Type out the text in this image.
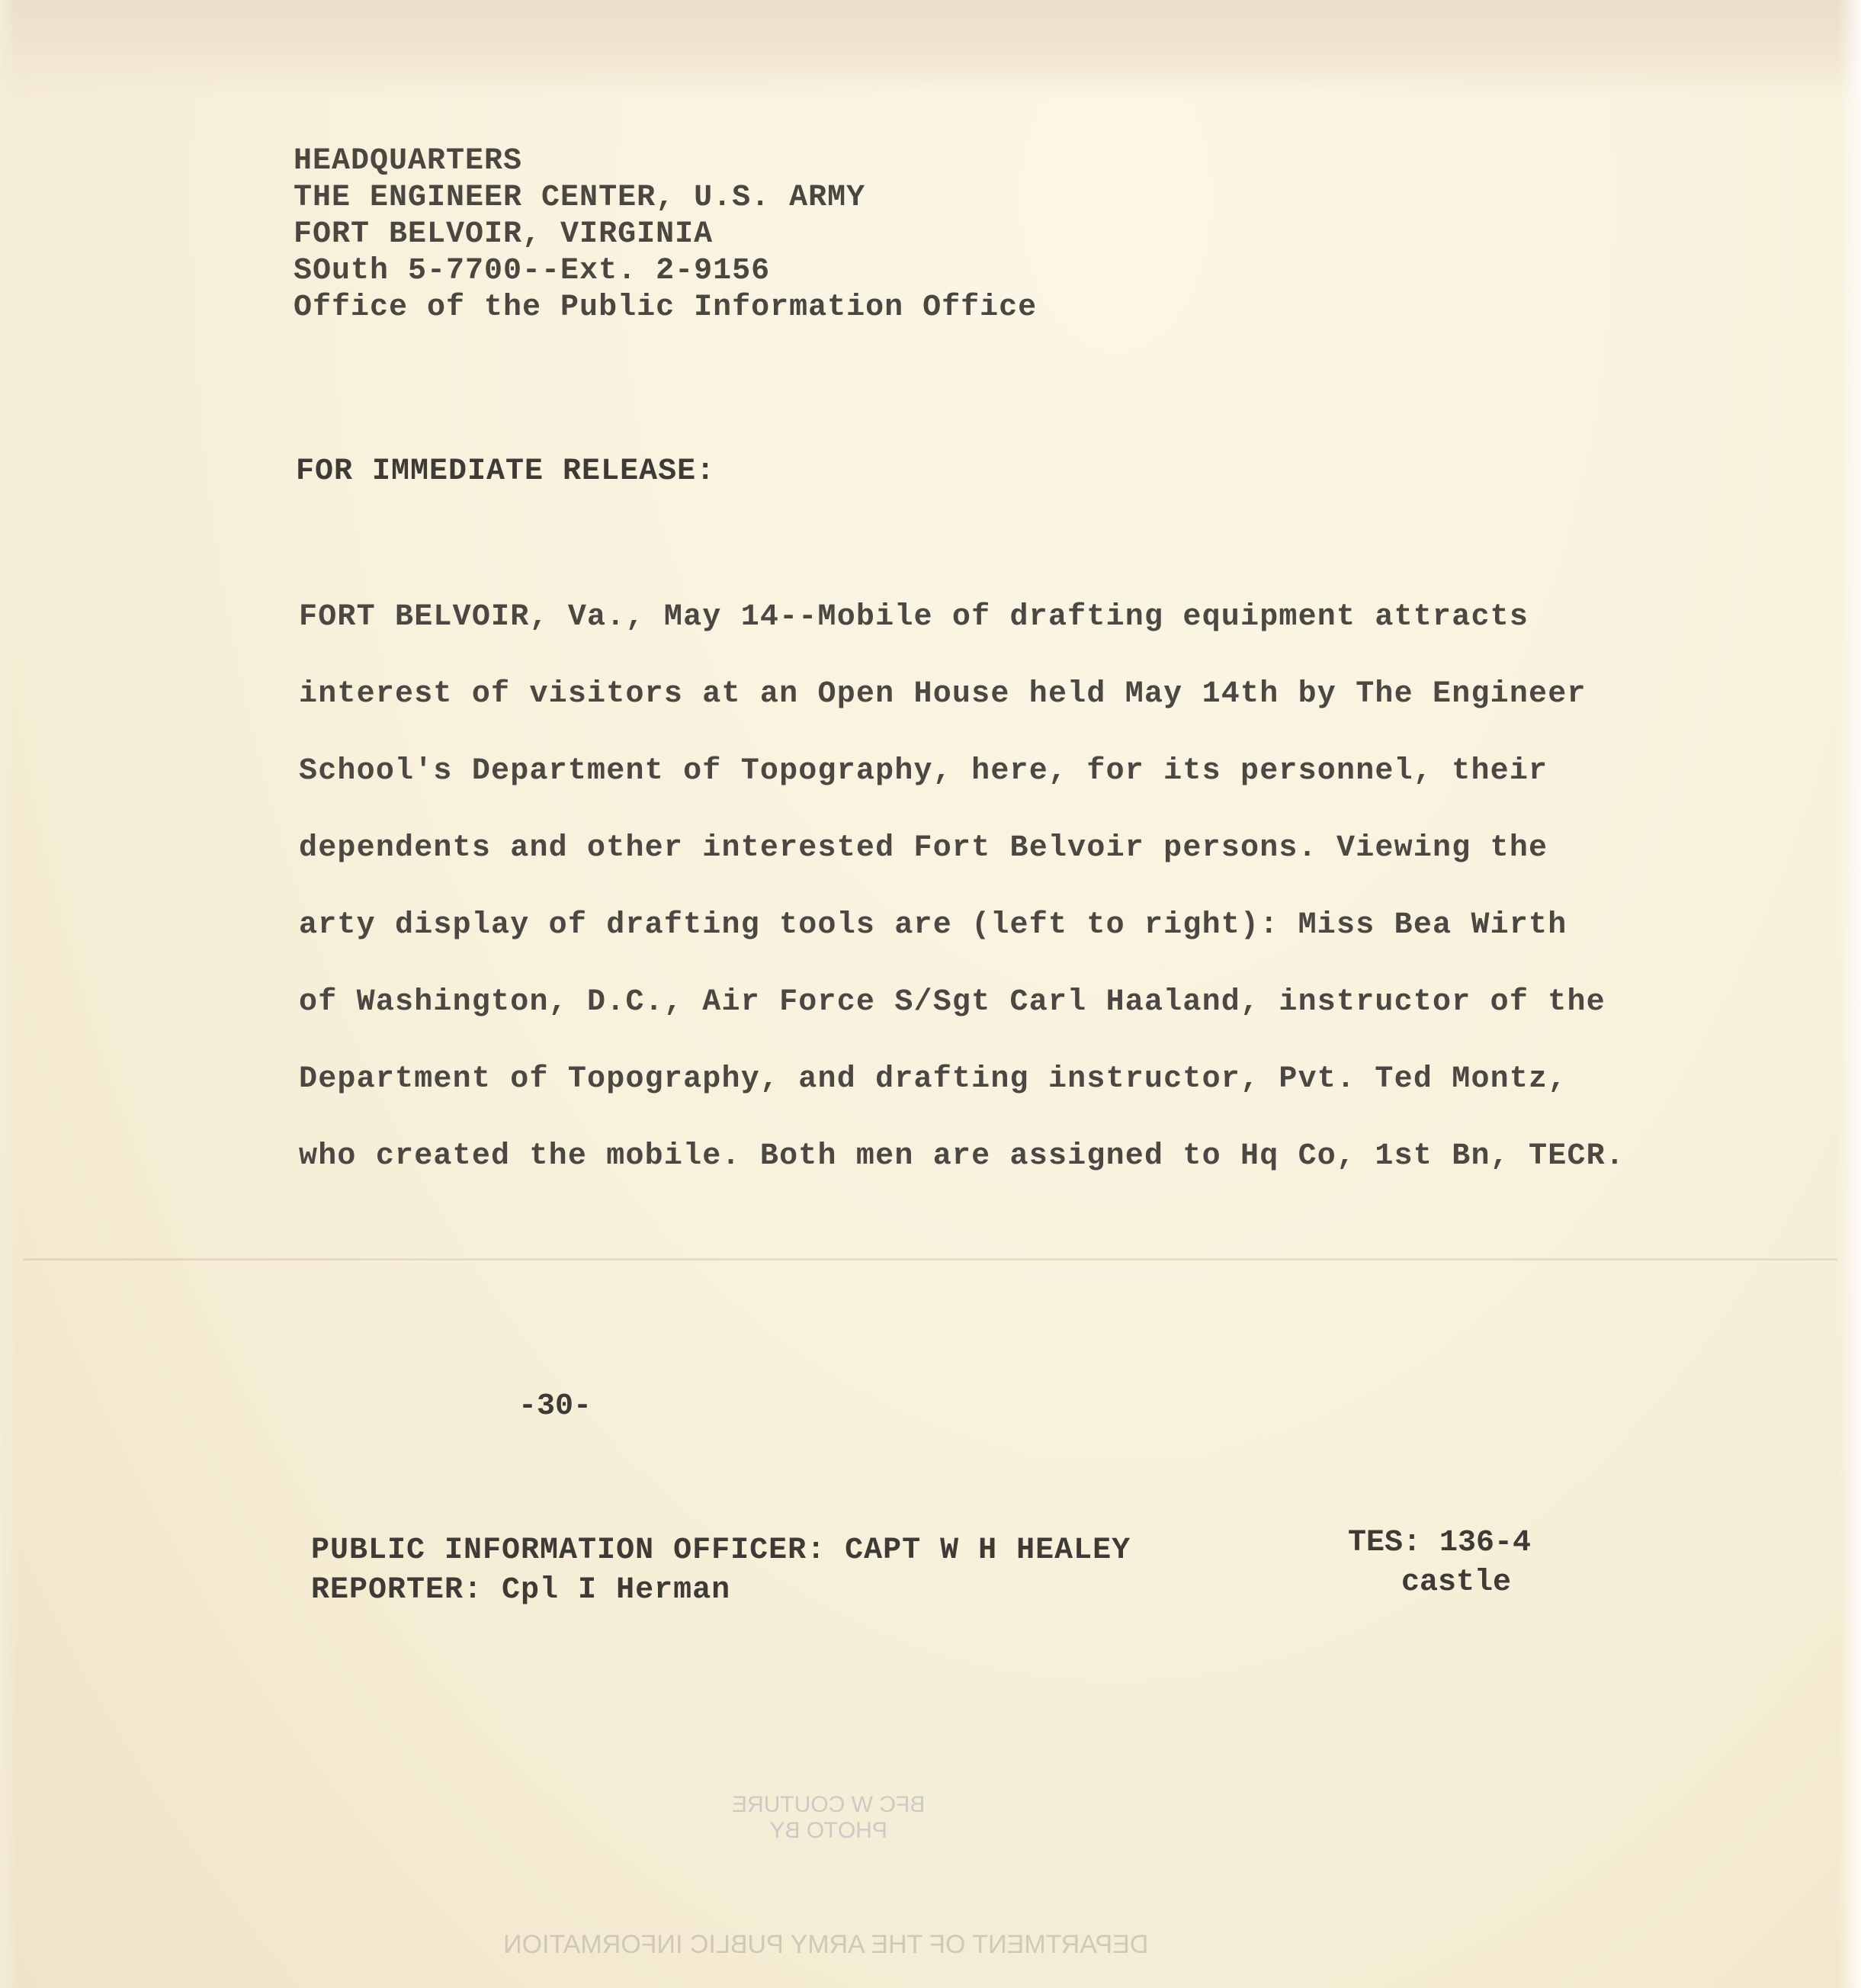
HEADQUARTERS
THE ENGINEER CENTER, U.S. ARMY
FORT BELVOIR, VIRGINIA
SOuth 5-7700--Ext. 2-9156
Office of the Public Information Office
FOR IMMEDIATE RELEASE:
FORT BELVOIR, Va., May 14--Mobile of drafting equipment attracts
interest of visitors at an Open House held May 14th by The Engineer
School's Department of Topography, here, for its personnel, their
dependents and other interested Fort Belvoir persons. Viewing the
arty display of drafting tools are (left to right): Miss Bea Wirth
of Washington, D.C., Air Force S/Sgt Carl Haaland, instructor of the
Department of Topography, and drafting instructor, Pvt. Ted Montz,
who created the mobile. Both men are assigned to Hq Co, 1st Bn, TECR.
-30-
PUBLIC INFORMATION OFFICER: CAPT W H HEALEY
REPORTER: Cpl I Herman
TES: 136-4
castle
BFC W COUTURE
PHOTO BY
DEPARTMENT OF THE ARMY PUBLIC INFORMATION
